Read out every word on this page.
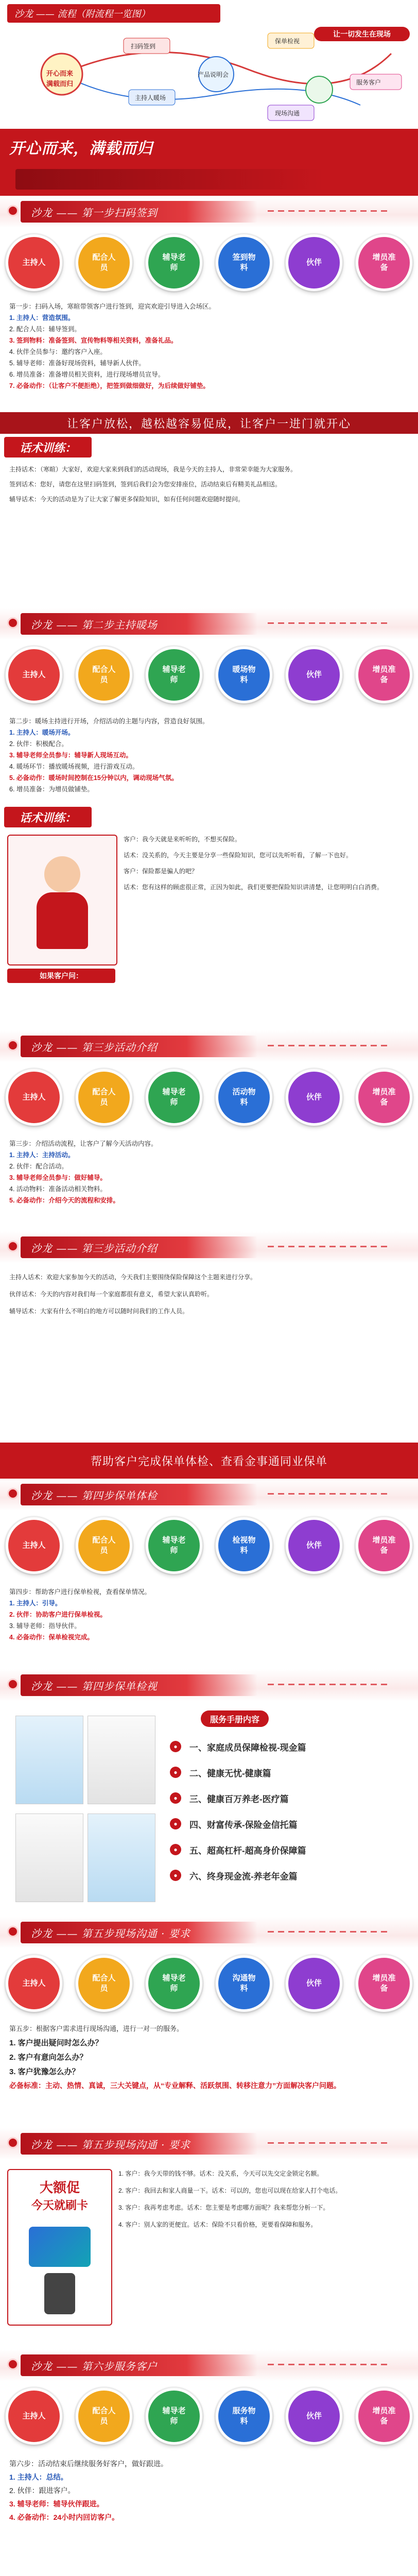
沙龙 —— 流程（附流程一览图）
让一切发生在现场
开心而来
满载而归
扫码签到
主持人暖场
产品说明会
保单检视
现场沟通
服务客户
开心而来，满载而归
沙龙 —— 第一步扫码签到
主持人
配合人员
辅导老师
签到物料
伙伴
增员准备

第一步：扫码入场，寒暄带领客户进行签到，迎宾欢迎引导进入会场区。

1. 主持人：营造氛围。

2. 配合人员：辅导签到。

3. 签到物料：准备签到、宣传物料等相关资料，准备礼品。

4. 伙伴全员参与：邀约客户入座。

5. 辅导老师：准备好现场资料，辅导新人伙伴。

6. 增员准备：准备增员相关资料，进行现场增员宣导。

7. 必备动作：（让客户不便拒绝），把签到做细做好，为后续做好铺垫。

让客户放松，越松越容易促成，让客户一进门就开心
话术训练：

主持话术：（寒暄）大家好，欢迎大家来到我们的活动现场，我是今天的主持人，非常荣幸能为大家服务。

签到话术：您好，请您在这里扫码签到，签到后我们会为您安排座位，活动结束后有精美礼品相送。

辅导话术：今天的活动是为了让大家了解更多保险知识，如有任何问题欢迎随时提问。

沙龙 —— 第二步主持暖场
主持人
配合人员
辅导老师
暖场物料
伙伴
增员准备

第二步：暖场主持进行开场，介绍活动的主题与内容，营造良好氛围。

1. 主持人：暖场开场。

2. 伙伴：积极配合。

3. 辅导老师全员参与：辅导新人现场互动。

4. 暖场环节：播放暖场视频，进行游戏互动。

5. 必备动作：暖场时间控制在15分钟以内，调动现场气氛。

6. 增员准备：为增员做铺垫。

话术训练：
如果客户问：

客户：我今天就是来听听的，不想买保险。

话术：没关系的，今天主要是分享一些保险知识，您可以先听听看，了解一下也好。

客户：保险都是骗人的吧？

话术：您有这样的顾虑很正常，正因为如此，我们更要把保险知识讲清楚，让您明明白白消费。

沙龙 —— 第三步活动介绍
主持人
配合人员
辅导老师
活动物料
伙伴
增员准备

第三步：介绍活动流程，让客户了解今天活动内容。

1. 主持人：主持活动。

2. 伙伴：配合活动。

3. 辅导老师全员参与：做好辅导。

4. 活动物料：准备活动相关物料。

5. 必备动作：介绍今天的流程和安排。

沙龙 —— 第三步活动介绍

主持人话术：欢迎大家参加今天的活动，今天我们主要围绕保险保障这个主题来进行分享。

伙伴话术：今天的内容对我们每一个家庭都很有意义，希望大家认真聆听。

辅导话术：大家有什么不明白的地方可以随时问我们的工作人员。

帮助客户完成保单体检、查看金事通同业保单
沙龙 —— 第四步保单体检
主持人
配合人员
辅导老师
检视物料
伙伴
增员准备

第四步：帮助客户进行保单检视，查看保单情况。

1. 主持人：引导。

2. 伙伴：协助客户进行保单检视。

3. 辅导老师：指导伙伴。

4. 必备动作：保单检视完成。

沙龙 —— 第四步保单检视
服务手册内容
●	一、家庭成员保障检视-现金篇
●	二、健康无忧-健康篇
●	三、健康百万养老-医疗篇
●	四、财富传承-保险金信托篇
●	五、超高杠杆-超高身价保障篇
●	六、终身现金流-养老年金篇
沙龙 —— 第五步现场沟通 · 要求
主持人
配合人员
辅导老师
沟通物料
伙伴
增员准备

第五步：根据客户需求进行现场沟通，进行一对一的服务。

1. 客户提出疑问时怎么办？

2. 客户有意向怎么办？

3. 客户犹豫怎么办？

必备标准：主动、热情、真诚，三大关键点，从“专业解释、活跃氛围、转移注意力”方面解决客户问题。

沙龙 —— 第五步现场沟通 · 要求
大额促
今天就刷卡

1. 客户：我今天带的钱不够。话术：没关系，今天可以先交定金锁定名额。

2. 客户：我回去和家人商量一下。话术：可以的，您也可以现在给家人打个电话。

3. 客户：我再考虑考虑。话术：您主要是考虑哪方面呢？我来帮您分析一下。

4. 客户：别人家的更便宜。话术：保险不只看价格，更要看保障和服务。

沙龙 —— 第六步服务客户
主持人
配合人员
辅导老师
服务物料
伙伴
增员准备

第六步：活动结束后继续服务好客户，做好跟进。

1. 主持人：总结。

2. 伙伴：跟进客户。

3. 辅导老师：辅导伙伴跟进。

4. 必备动作：24小时内回访客户。
